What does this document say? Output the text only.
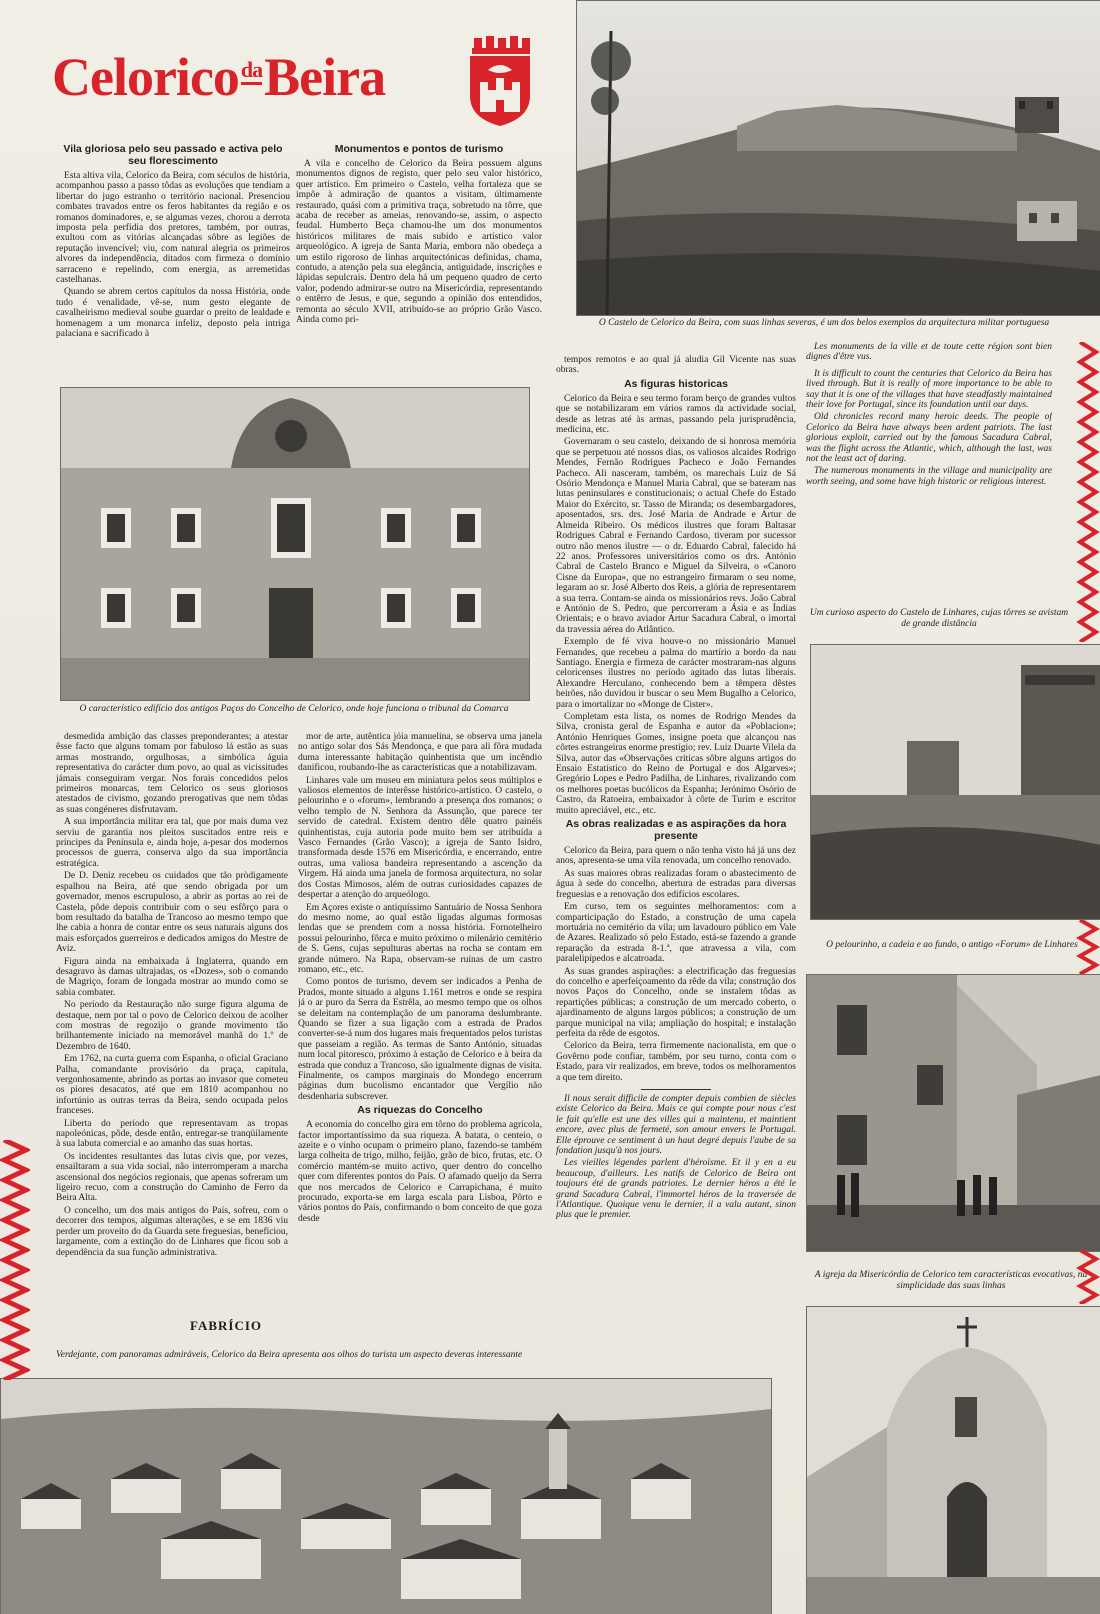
Celorico$^{da}$Beira
Vila gloriosa pelo seu passado e activa pelo seu florescimento

Esta altiva vila, Celorico da Beira, com séculos de história, acompanhou passo a passo tôdas as evoluções que tendiam a libertar do jugo estranho o território nacional. Presenciou combates travados entre os feros habitantes da região e os romanos dominadores, e, se algumas vezes, chorou a derrota imposta pela perfídia dos pretores, também, por outras, exultou com as vitórias alcançadas sôbre as legiões de reputação invencível; viu, com natural alegria os primeiros alvores da independência, ditados com firmeza o domínio sarraceno e repelindo, com energia, as arremetidas castelhanas.

Quando se abrem certos capítulos da nossa História, onde tudo é venalidade, vê-se, num gesto elegante de cavalheirismo medieval soube guardar o preito de lealdade e homenagem a um monarca infeliz, deposto pela intriga palaciana e sacrificado à

Monumentos e pontos de turismo

A vila e concelho de Celorico da Beira possuem alguns monumentos dignos de registo, quer pelo seu valor histórico, quer artístico. Em primeiro o Castelo, velha fortaleza que se impõe à admiração de quantos a visitam, últimamente restaurado, quási com a primitiva traça, sobretudo na tôrre, que acaba de receber as ameias, renovando-se, assim, o aspecto feudal. Humberto Beça chamou-lhe um dos monumentos históricos militares de mais subido e artístico valor arqueológico. A igreja de Santa Maria, embora não obedeça a um estilo rigoroso de linhas arquitectónicas definidas, chama, contudo, a atenção pela sua elegância, antiguidade, inscrições e lápidas sepulcrais. Dentro dela há um pequeno quadro de certo valor, podendo admirar-se outro na Misericórdia, representando o entêrro de Jesus, e que, segundo a opinião dos entendidos, remonta ao século XVII, atribuído-se ao próprio Grão Vasco. Ainda como pri-	O Castelo de Celorico da Beira, com suas linhas severas, é um dos belos exemplos da arquitectura militar portuguesa
O característico edifício dos antigos Paços do Concelho de Celorico, onde hoje funciona o tribunal da Comarca

desmedida ambição das classes preponderantes; a atestar êsse facto que alguns tomam por fabuloso lá estão as suas armas mostrando, orgulhosas, a simbólica águia representativa do carácter dum povo, ao qual as vicissitudes jámais conseguiram vergar. Nos forais concedidos pelos primeiros monarcas, tem Celorico os seus gloriosos atestados de civismo, gozando prerogativas que nem tôdas as suas congéneres disfrutavam.

A sua importância militar era tal, que por mais duma vez serviu de garantia nos pleitos suscitados entre reis e príncipes da Península e, ainda hoje, a-pesar dos modernos processos de guerra, conserva algo da sua importância estratégica.

De D. Deniz recebeu os cuidados que tão pròdigamente espalhou na Beira, até que sendo obrigada por um governador, menos escrupuloso, a abrir as portas ao rei de Castela, pôde depois contribuir com o seu esfôrço para o bom resultado da batalha de Trancoso ao mesmo tempo que lhe cabia a honra de contar entre os seus naturais alguns dos mais esforçados guerreiros e dedicados amigos do Mestre de Aviz.

Figura ainda na embaixada à Inglaterra, quando em desagravo às damas ultrajadas, os «Dozes», sob o comando de Magriço, foram de longada mostrar ao mundo como se sabia combater.

No período da Restauração não surge figura alguma de destaque, nem por tal o povo de Celorico deixou de acolher com mostras de regozijo o grande movimento tão brilhantemente iniciado na memorável manhã do 1.º de Dezembro de 1640.

Em 1762, na curta guerra com Espanha, o oficial Graciano Palha, comandante provisório da praça, capitula, vergonhosamente, abrindo as portas ao invasor que cometeu os piores desacatos, até que em 1810 acompanhou no infortúnio as outras terras da Beira, sendo ocupada pelos franceses.

Liberta do período que representavam as tropas napoleónicas, pôde, desde então, entregar-se tranqüilamente à sua labuta comercial e ao amanho das suas hortas.

Os incidentes resultantes das lutas civis que, por vezes, ensailtaram a sua vida social, não interromperam a marcha ascensional dos negócios regionais, que apenas sofreram um ligeiro recuo, com a construção do Caminho de Ferro da Beira Alta.

O concelho, um dos mais antigos do País, sofreu, com o decorrer dos tempos, algumas alterações, e se em 1836 viu perder um proveito do da Guarda sete freguesias, beneficiou, largamente, com a extinção do de Linhares que ficou sob a dependência da sua função administrativa.

FABRÍCIO

mor de arte, autêntica jóia manuelina, se observa uma janela no antigo solar dos Sás Mendonça, e que para ali fôra mudada duma interessante habitação quinhentista que um incêndio danificou, roubando-lhe as características que a notabilizavam.

Linhares vale um museu em miniatura pelos seus múltiplos e valiosos elementos de interêsse histórico-artístico. O castelo, o pelourinho e o «forum», lembrando a presença dos romanos; o velho templo de N. Senhora da Assunção, que parece ter servido de catedral. Existem dentro dêle quatro painéis quinhentistas, cuja autoria pode muito bem ser atribuída a Vasco Fernandes (Grão Vasco); a igreja de Santo Isidro, transformada desde 1576 em Misericórdia, e encerrando, entre outras, uma valiosa bandeira representando a ascenção da Virgem. Há ainda uma janela de formosa arquitectura, no solar dos Costas Mimosos, além de outras curiosidades capazes de despertar a atenção do arqueólogo.

Em Açores existe o antiquíssimo Santuário de Nossa Senhora do mesmo nome, ao qual estão ligadas algumas formosas lendas que se prendem com a nossa história. Fornotelheiro possui pelourinho, fôrca e muito próximo o milenário cemitério de S. Gens, cujas sepulturas abertas na rocha se contam em grande número. Na Rapa, observam-se ruínas de um castro romano, etc., etc.

Como pontos de turismo, devem ser indicados a Penha de Prados, monte situado a alguns 1.161 metros e onde se respira já o ar puro da Serra da Estrêla, ao mesmo tempo que os olhos se deleitam na contemplação de um panorama deslumbrante. Quando se fizer a sua ligação com a estrada de Prados converter-se-á num dos lugares mais frequentados pelos turistas que passeiam a região. As termas de Santo António, situadas num local pitoresco, próximo à estação de Celorico e à beira da estrada que conduz a Trancoso, são igualmente dignas de visita. Finalmente, os campos marginais do Mondego encerram páginas dum bucolismo encantador que Vergílio não desdenharia subscrever.

As riquezas do Concelho

A economia do concelho gira em tôrno do problema agrícola, factor importantíssimo da sua riqueza. A batata, o centeio, o azeite e o vinho ocupam o primeiro plano, fazendo-se também larga colheita de trigo, milho, feijão, grão de bico, frutas, etc. O comércio mantém-se muito activo, quer dentro do concelho quer com diferentes pontos do País. O afamado queijo da Serra que nos mercados de Celorico e Carrapichana, é muito procurado, exporta-se em larga escala para Lisboa, Pôrto e vários pontos do País, confirmando o bom conceito de que goza desde

tempos remotos e ao qual já aludia Gil Vicente nas suas obras.

As figuras historicas

Celorico da Beira e seu termo foram berço de grandes vultos que se notabilizaram em vários ramos da actividade social, desde as letras até às armas, passando pela jurisprudência, medicina, etc.

Governaram o seu castelo, deixando de si honrosa memória que se perpetuou até nossos dias, os valiosos alcaides Rodrigo Mendes, Fernão Rodrigues Pacheco e João Fernandes Pacheco. Ali nasceram, também, os marechais Luiz de Sá Osório Mendonça e Manuel Maria Cabral, que se bateram nas lutas peninsulares e constitucionais; o actual Chefe do Estado Maior do Exército, sr. Tasso de Miranda; os desembargadores, aposentados, srs. drs. José Maria de Andrade e Artur de Almeida Ribeiro. Os médicos ilustres que foram Baltasar Rodrigues Cabral e Fernando Cardoso, tiveram por sucessor outro não menos ilustre — o dr. Eduardo Cabral, falecido há 22 anos. Professores universitários como os drs. António Cabral de Castelo Branco e Miguel da Silveira, o «Canoro Cisne da Europa», que no estrangeiro firmaram o seu nome, legaram ao sr. José Alberto dos Reis, a glória de representarem a sua terra. Contam-se ainda os missionários revs. João Cabral e António de S. Pedro, que percorreram a Ásia e as Índias Orientais; e o bravo aviador Artur Sacadura Cabral, o imortal da travessia aérea do Atlântico.

Exemplo de fé viva houve-o no missionário Manuel Fernandes, que recebeu a palma do martírio a bordo da nau Santiago. Energia e firmeza de carácter mostraram-nas alguns celoricenses ilustres no período agitado das lutas liberais. Alexandre Herculano, conhecendo bem a têmpera dêstes beirões, não duvidou ir buscar o seu Mem Bugalho a Celorico, para o imortalizar no «Monge de Cister».

Completam esta lista, os nomes de Rodrigo Mendes da Silva, cronista geral de Espanha e autor da «Poblacion»; António Henriques Gomes, insigne poeta que alcançou nas côrtes estrangeiras enorme prestígio; rev. Luiz Duarte Vilela da Silva, autor das «Observações críticas sôbre alguns artigos do Ensaio Estatístico do Reino de Portugal e dos Algarves»; Gregório Lopes e Pedro Padilha, de Linhares, rivalizando com os melhores poetas bucólicos da Espanha; Jerónimo Osório de Castro, da Ratoeira, embaixador à côrte de Turim e escritor muito apreciável, etc., etc.

As obras realizadas e as aspirações da hora presente

Celorico da Beira, para quem o não tenha visto há já uns dez anos, apresenta-se uma vila renovada, um concelho renovado.

As suas maiores obras realizadas foram o abastecimento de água à sede do concelho, abertura de estradas para diversas freguesias e a renovação dos edifícios escolares.

Em curso, tem os seguintes melhoramentos: com a comparticipação do Estado, a construção de uma capela mortuária no cemitério da vila; um lavadouro público em Vale de Azares. Realizado só pelo Estado, está-se fazendo a grande reparação da estrada 8-1.ª, que atravessa a vila, com paralelipípedos e alcatroada.

As suas grandes aspirações: a electrificação das freguesias do concelho e aperfeiçoamento da rêde da vila; construção dos novos Paços do Concelho, onde se instalem tôdas as repartições públicas; a construção de um mercado coberto, o ajardinamento de alguns largos públicos; a construção de um parque municipal na vila; ampliação do hospital; e instalação perfeita da rêde de esgotos.

Celorico da Beira, terra firmemente nacionalista, em que o Govêrno pode confiar, também, por seu turno, conta com o Estado, para vir realizados, em breve, todos os melhoramentos a que tem direito.

Il nous serait difficile de compter depuis combien de siècles existe Celorico da Beira. Mais ce qui compte pour nous c'est le fait qu'elle est une des villes qui a maintenu, et maintient encore, avec plus de fermeté, son amour envers le Portugal. Elle éprouve ce sentiment à un haut degré depuis l'aube de sa fondation jusqu'à nos jours.

Les vieilles légendes parlent d'héroïsme. Et il y en a eu beaucoup, d'ailleurs. Les natifs de Celorico de Beira ont toujours été de grands patriotes. Le dernier héros a été le grand Sacadura Cabral, l'immortel héros de la traversée de l'Atlantique. Quoique venu le dernier, il a valu autant, sinon plus que le premier.

Les monuments de la ville et de toute cette région sont bien dignes d'être vus.

It is difficult to count the centuries that Celorico da Beira has lived through. But it is really of more importance to be able to say that it is one of the villages that have steadfastly maintained their love for Portugal, since its foundation until our days.

Old chronicles record many heroic deeds. The people of Celorico da Beira have always been ardent patriots. The last glorious exploit, carried out by the famous Sacadura Cabral, was the flight across the Atlantic, which, although the last, was not the least act of daring.

The numerous monuments in the village and municipality are worth seeing, and some have high historic or religious interest.

Um curioso aspecto do Castelo de Linhares, cujas tôrres se avistam de grande distância
O pelourinho, a cadeia e ao fundo, o antigo «Forum» de Linhares
A igreja da Misericórdia de Celorico tem características evocativas, na simplicidade das suas linhas
Verdejante, com panoramas admiráveis, Celorico da Beira apresenta aos olhos do turista um aspecto deveras interessante
